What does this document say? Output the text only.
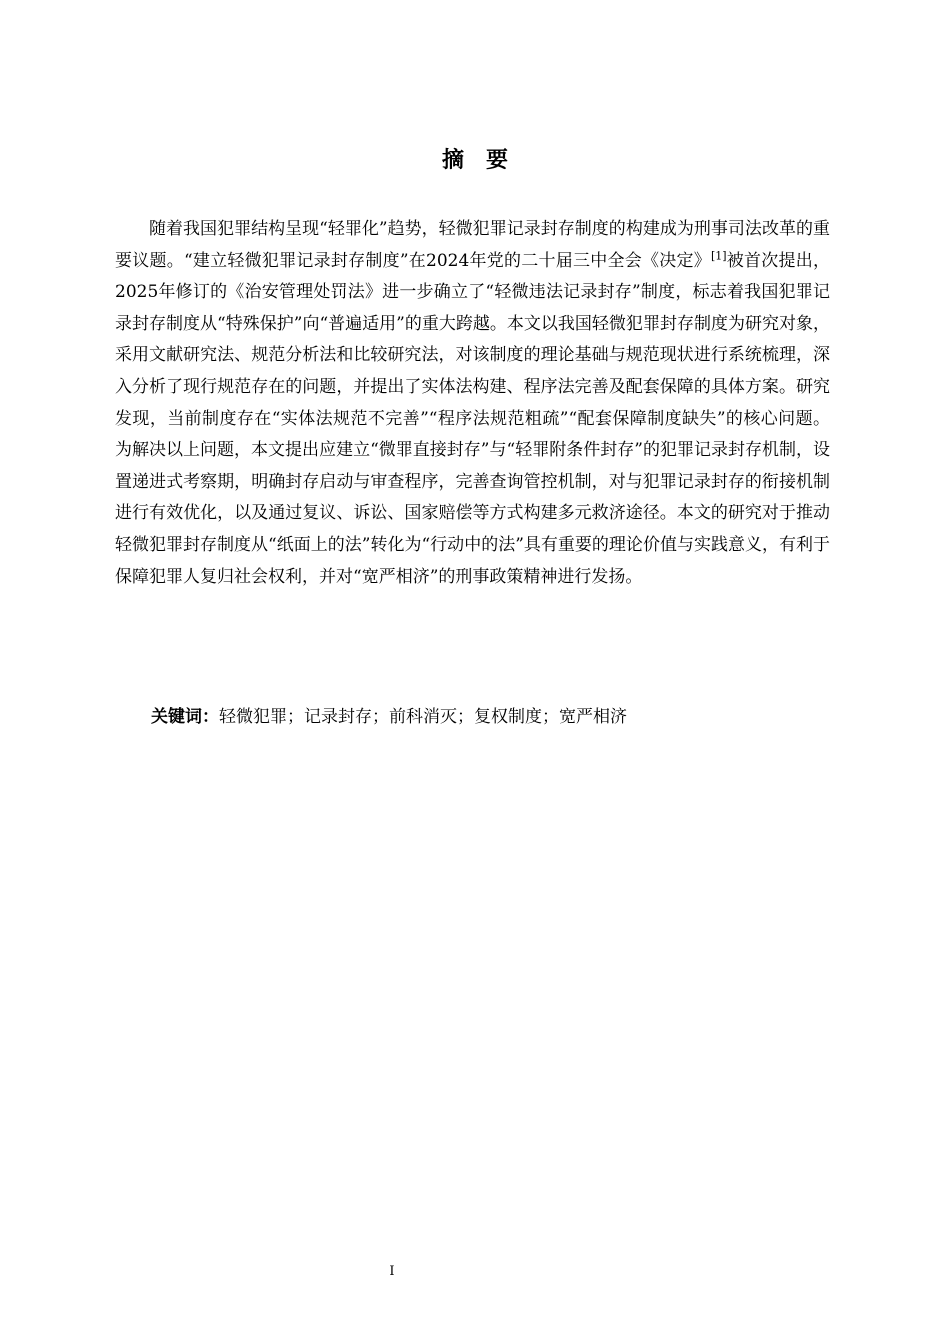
摘要

随着我国犯罪结构呈现“轻罪化”趋势，轻微犯罪记录封存制度的构建成为刑事司法改革的重要议题。“建立轻微犯罪记录封存制度”在2024年党的二十届三中全会《决定》[1]被首次提出，2025年修订的《治安管理处罚法》进一步确立了“轻微违法记录封存”制度，标志着我国犯罪记录封存制度从“特殊保护”向“普遍适用”的重大跨越。本文以我国轻微犯罪封存制度为研究对象，采用文献研究法、规范分析法和比较研究法，对该制度的理论基础与规范现状进行系统梳理，深入分析了现行规范存在的问题，并提出了实体法构建、程序法完善及配套保障的具体方案。研究发现，当前制度存在“实体法规范不完善”“程序法规范粗疏”“配套保障制度缺失”的核心问题。为解决以上问题，本文提出应建立“微罪直接封存”与“轻罪附条件封存”的犯罪记录封存机制，设置递进式考察期，明确封存启动与审查程序，完善查询管控机制，对与犯罪记录封存的衔接机制进行有效优化，以及通过复议、诉讼、国家赔偿等方式构建多元救济途径。本文的研究对于推动轻微犯罪封存制度从“纸面上的法”转化为“行动中的法”具有重要的理论价值与实践意义，有利于保障犯罪人复归社会权利，并对“宽严相济”的刑事政策精神进行发扬。

关键词：轻微犯罪；记录封存；前科消灭；复权制度；宽严相济

I
